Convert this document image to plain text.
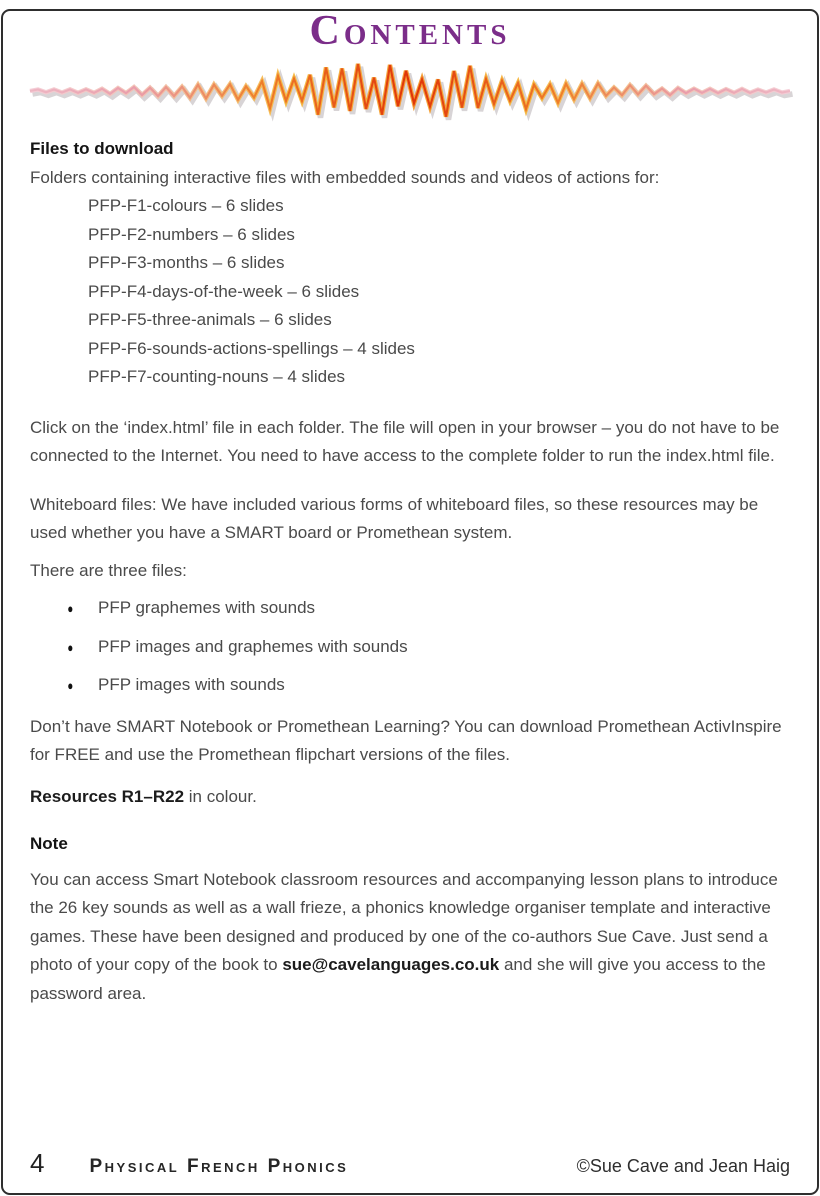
Contents
Files to download

Folders containing interactive files with embedded sounds and videos of actions for:

PFP-F1-colours – 6 slides
PFP-F2-numbers – 6 slides
PFP-F3-months – 6 slides
PFP-F4-days-of-the-week – 6 slides
PFP-F5-three-animals – 6 slides
PFP-F6-sounds-actions-spellings – 4 slides
PFP-F7-counting-nouns – 4 slides

Click on the ‘index.html’ file in each folder. The file will open in your browser – you do not have to be connected to the Internet. You need to have access to the complete folder to run the index.html file.

Whiteboard files: We have included various forms of whiteboard files, so these resources may be used whether you have a SMART board or Promethean system.

There are three files:

●	PFP graphemes with sounds
●	PFP images and graphemes with sounds
●	PFP images with sounds

Don’t have SMART Notebook or Promethean Learning? You can download Promethean ActivInspire for FREE and use the Promethean flipchart versions of the files.

Resources R1–R22 in colour.

Note

You can access Smart Notebook classroom resources and accompanying lesson plans to introduce the 26 key sounds as well as a wall frieze, a phonics knowledge organiser template and interactive games. These have been designed and produced by one of the co-authors Sue Cave. Just send a photo of your copy of the book to sue@cavelanguages.co.uk and she will give you access to the password area.

4 Physical French Phonics	©Sue Cave and Jean Haig
